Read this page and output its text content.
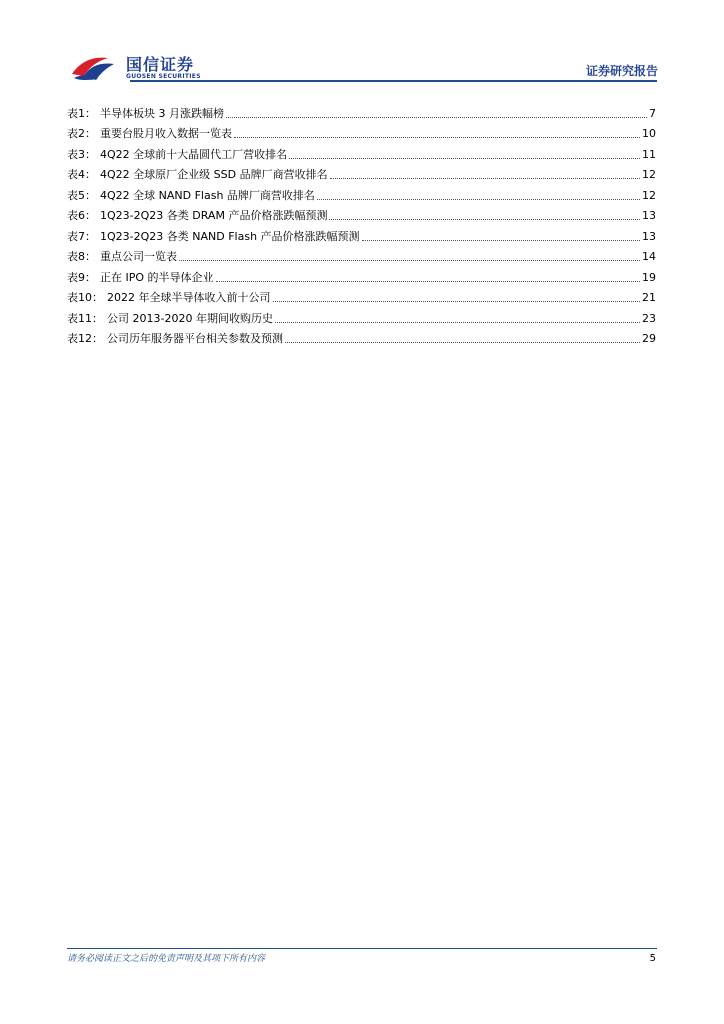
国信证券
GUOSEN SECURITIES	证券研究报告
表1： 半导体板块 3 月涨跌幅榜	7
表2： 重要台股月收入数据一览表	10
表3： 4Q22 全球前十大晶圆代工厂营收排名	11
表4： 4Q22 全球原厂企业级 SSD 品牌厂商营收排名	12
表5： 4Q22 全球 NAND Flash 品牌厂商营收排名	12
表6： 1Q23-2Q23 各类 DRAM 产品价格涨跌幅预测	13
表7： 1Q23-2Q23 各类 NAND Flash 产品价格涨跌幅预测	13
表8： 重点公司一览表	14
表9： 正在 IPO 的半导体企业	19
表10： 2022 年全球半导体收入前十公司	21
表11： 公司 2013-2020 年期间收购历史	23
表12： 公司历年服务器平台相关参数及预测	29
请务必阅读正文之后的免责声明及其项下所有内容	5
